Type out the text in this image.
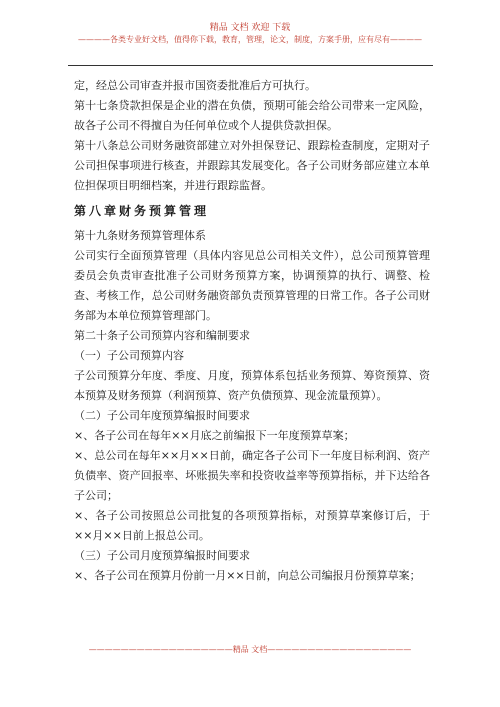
精品 文档 欢迎 下载
————各类专业好文档，值得你下载，教育，管理，论文，制度，方案手册，应有尽有————

定，经总公司审查并报市国资委批准后方可执行。

第十七条贷款担保是企业的潜在负债，预期可能会给公司带来一定风险，故各子公司不得擅自为任何单位或个人提供贷款担保。

第十八条总公司财务融资部建立对外担保登记、跟踪检查制度，定期对子公司担保事项进行核查，并跟踪其发展变化。各子公司财务部应建立本单位担保项目明细档案，并进行跟踪监督。

第八章财务预算管理

第十九条财务预算管理体系

公司实行全面预算管理（具体内容见总公司相关文件），总公司预算管理委员会负责审查批准子公司财务预算方案，协调预算的执行、调整、检查、考核工作，总公司财务融资部负责预算管理的日常工作。各子公司财务部为本单位预算管理部门。

第二十条子公司预算内容和编制要求

（一）子公司预算内容

子公司预算分年度、季度、月度，预算体系包括业务预算、筹资预算、资本预算及财务预算（利润预算、资产负债预算、现金流量预算）。

（二）子公司年度预算编报时间要求

×、各子公司在每年××月底之前编报下一年度预算草案；

×、总公司在每年××月××日前，确定各子公司下一年度目标利润、资产负债率、资产回报率、坏账损失率和投资收益率等预算指标，并下达给各子公司；

×、各子公司按照总公司批复的各项预算指标，对预算草案修订后，于××月××日前上报总公司。

（三）子公司月度预算编报时间要求

×、各子公司在预算月份前一月××日前，向总公司编报月份预算草案；

——————————————————精品 文档——————————————————
